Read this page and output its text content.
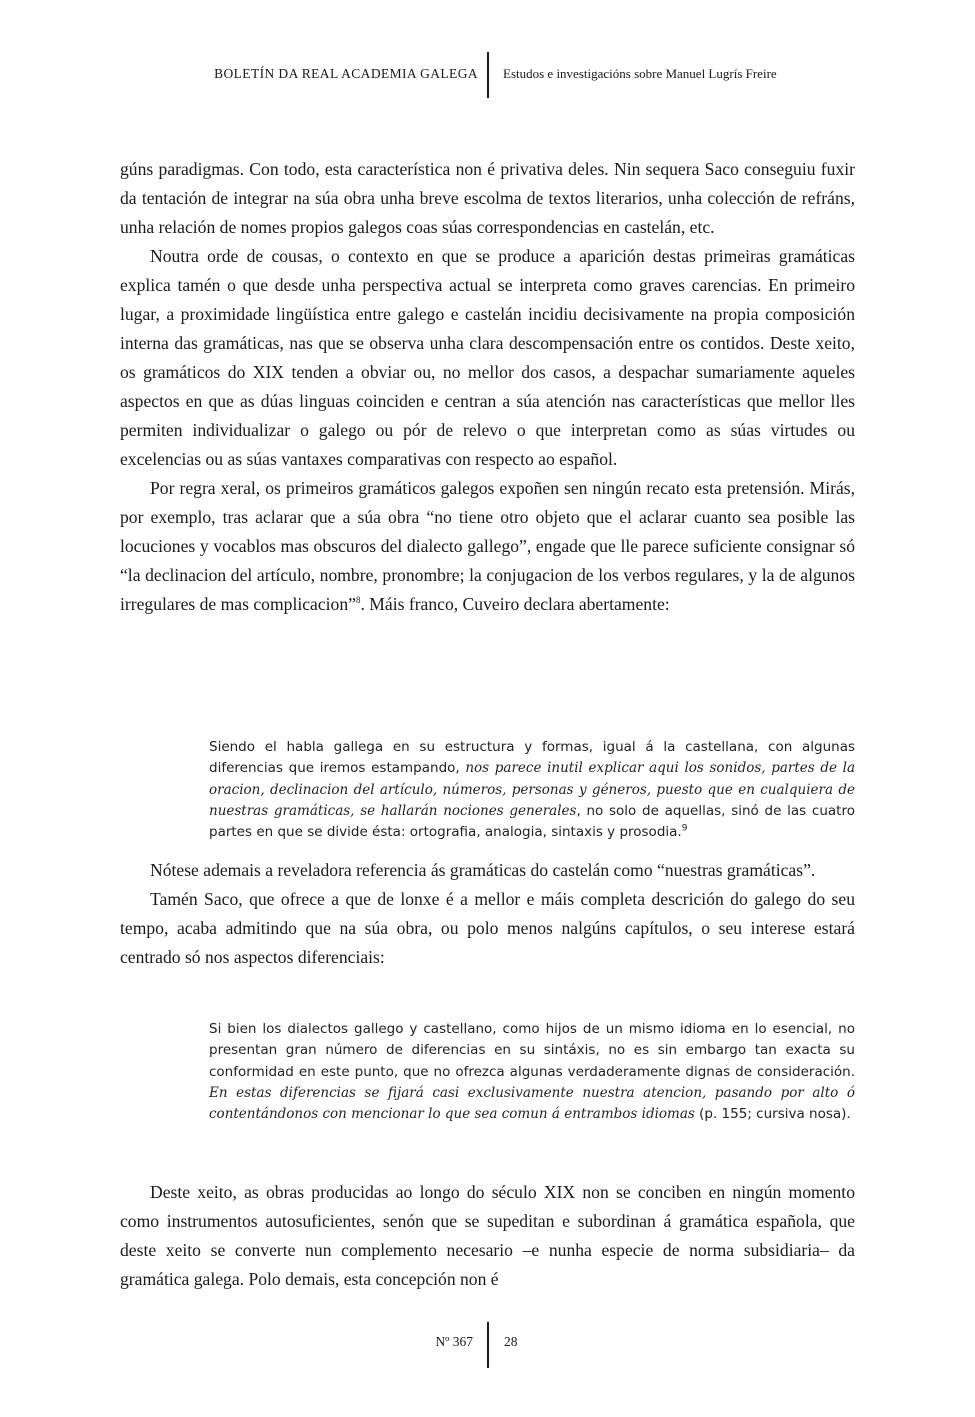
BOLETÍN DA REAL ACADEMIA GALEGA Estudos e investigacións sobre Manuel Lugrís Freire

gúns paradigmas. Con todo, esta característica non é privativa deles. Nin sequera Saco conseguiu fuxir da tentación de integrar na súa obra unha breve escolma de textos literarios, unha colección de refráns, unha relación de nomes propios galegos coas súas correspondencias en castelán, etc.

Noutra orde de cousas, o contexto en que se produce a aparición destas primeiras gramáticas explica tamén o que desde unha perspectiva actual se interpreta como graves carencias. En primeiro lugar, a proximidade lingüística entre galego e castelán incidiu decisivamente na propia composición interna das gramáticas, nas que se observa unha clara descompensación entre os contidos. Deste xeito, os gramáticos do XIX tenden a obviar ou, no mellor dos casos, a despachar sumariamente aqueles aspectos en que as dúas linguas coinciden e centran a súa atención nas características que mellor lles permiten individualizar o galego ou pór de relevo o que interpretan como as súas virtudes ou excelencias ou as súas vantaxes comparativas con respecto ao español.

Por regra xeral, os primeiros gramáticos galegos expoñen sen ningún recato esta pretensión. Mirás, por exemplo, tras aclarar que a súa obra “no tiene otro objeto que el aclarar cuanto sea posible las locuciones y vocablos mas obscuros del dialecto gallego”, engade que lle parece suficiente consignar só “la declinacion del artículo, nombre, pronombre; la conjugacion de los verbos regulares, y la de algunos irregulares de mas complicacion”$^8$. Máis franco, Cuveiro declara abertamente:

Siendo el habla gallega en su estructura y formas, igual á la castellana, con algunas diferencias que iremos estampando, nos parece inutil explicar aqui los sonidos, partes de la oracion, declinacion del artículo, números, personas y géneros, puesto que en cualquiera de nuestras gramáticas, se hallarán nociones generales, no solo de aquellas, sinó de las cuatro partes en que se divide ésta: ortografia, analogia, sintaxis y prosodia.$^9$

Nótese ademais a reveladora referencia ás gramáticas do castelán como “nuestras gramáticas”.

Tamén Saco, que ofrece a que de lonxe é a mellor e máis completa descrición do galego do seu tempo, acaba admitindo que na súa obra, ou polo menos nalgúns capítulos, o seu interese estará centrado só nos aspectos diferenciais:

Si bien los dialectos gallego y castellano, como hijos de un mismo idioma en lo esencial, no presentan gran número de diferencias en su sintáxis, no es sin embargo tan exacta su conformidad en este punto, que no ofrezca algunas verdaderamente dignas de consideración. En estas diferencias se fijará casi exclusivamente nuestra atencion, pasando por alto ó contentándonos con mencionar lo que sea comun á entrambos idiomas (p. 155; cursiva nosa).

Deste xeito, as obras producidas ao longo do século XIX non se conciben en ningún momento como instrumentos autosuficientes, senón que se supeditan e subordinan á gramática española, que deste xeito se converte nun complemento necesario –e nunha especie de norma subsidiaria– da gramática galega. Polo demais, esta concepción non é

Nº 367 28
